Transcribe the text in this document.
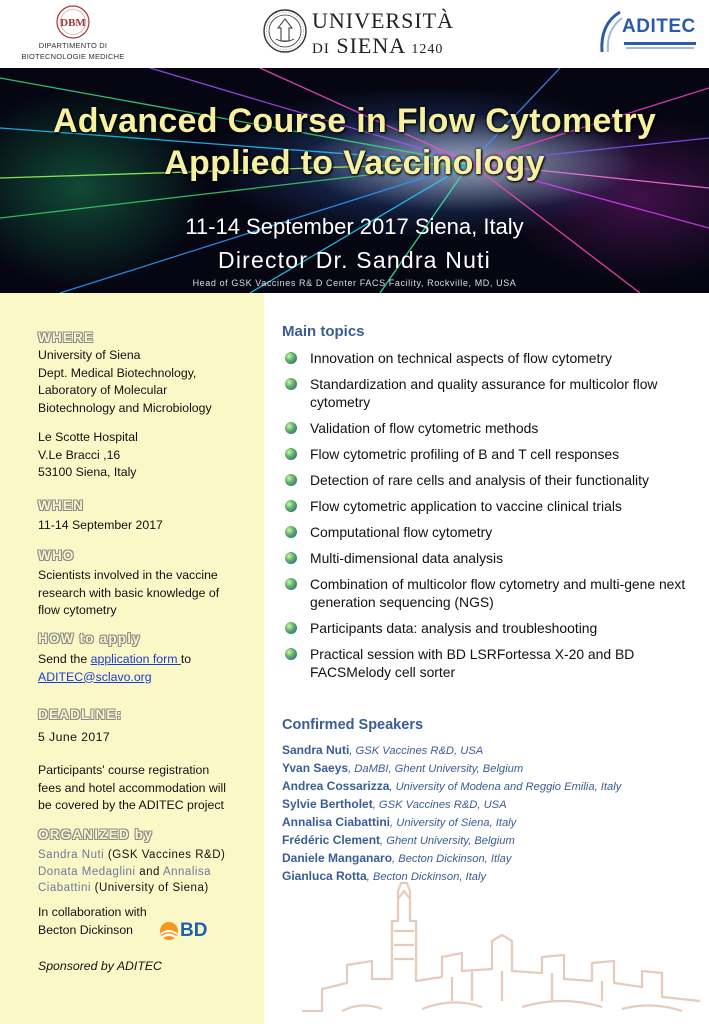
DBM
DIPARTIMENTO DI
BIOTECNOLOGIE MEDICHE
UNIVERSITÀ
DI SIENA 1240
ADITEC
Advanced Course in Flow Cytometry
Applied to Vaccinology
11-14 September 2017 Siena, Italy
Director Dr. Sandra Nuti
Head of GSK Vaccines R& D Center FACS Facility, Rockville, MD, USA
WHERE
University of Siena
Dept. Medical Biotechnology,
Laboratory of Molecular
Biotechnology and Microbiology
Le Scotte Hospital
V.Le Bracci ,16
53100 Siena, Italy
WHEN
11-14 September 2017
WHO
Scientists involved in the vaccine
research with basic knowledge of
flow cytometry
HOW to apply
Send the application form to
ADITEC@sclavo.org
DEADLINE:
5 June 2017
Participants' course registration
fees and hotel accommodation will
be covered by the ADITEC project
ORGANIZED by
Sandra Nuti (GSK Vaccines R&D)
Donata Medaglini and Annalisa
Ciabattini (University of Siena)
In collaboration with
Becton Dickinson	BD
Sponsored by ADITEC
Main topics
Innovation on technical aspects of flow cytometry
Standardization and quality assurance for multicolor flow cytometry
Validation of flow cytometric methods
Flow cytometric profiling of B and T cell responses
Detection of rare cells and analysis of their functionality
Flow cytometric application to vaccine clinical trials
Computational flow cytometry
Multi-dimensional data analysis
Combination of multicolor flow cytometry and multi-gene next generation sequencing (NGS)
Participants data: analysis and troubleshooting
Practical session with BD LSRFortessa X-20 and BD FACSMelody cell sorter
Confirmed Speakers
Sandra Nuti, GSK Vaccines R&D, USA
Yvan Saeys, DaMBI, Ghent University, Belgium
Andrea Cossarizza, University of Modena and Reggio Emilia, Italy
Sylvie Bertholet, GSK Vaccines R&D, USA
Annalisa Ciabattini, University of Siena, Italy
Frédéric Clement, Ghent University, Belgium
Daniele Manganaro, Becton Dickinson, Itlay
Gianluca Rotta, Becton Dickinson, Italy
